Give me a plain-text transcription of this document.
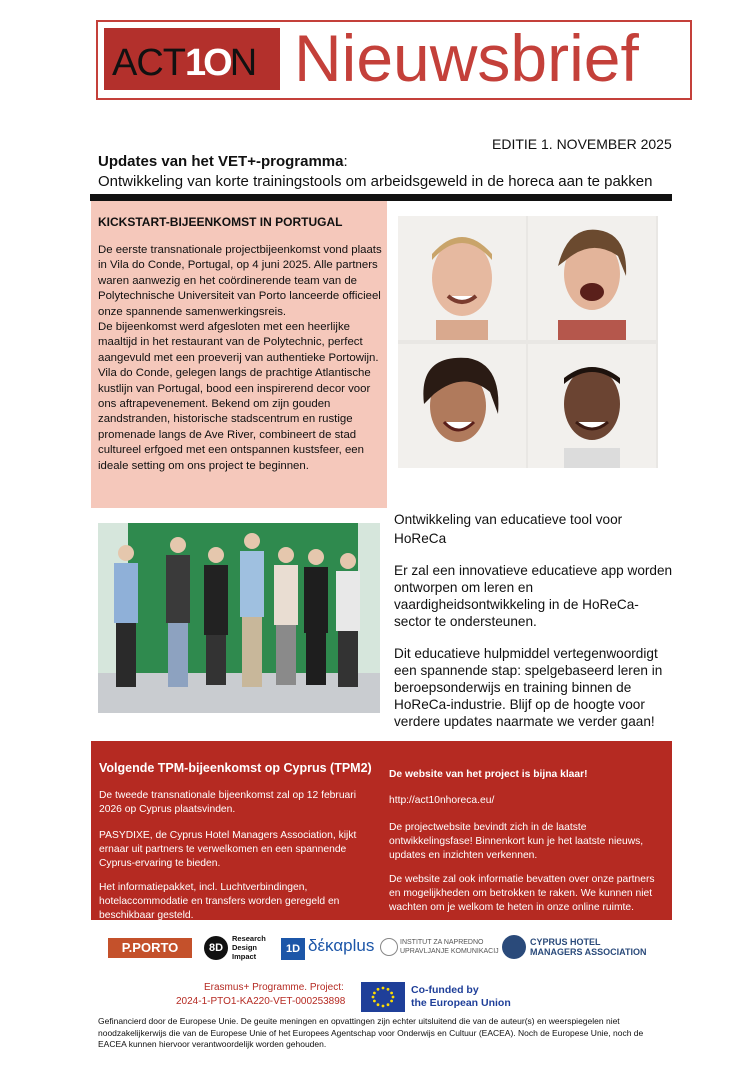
ACT1ON Nieuwsbrief
EDITIE 1. NOVEMBER 2025
Updates van het VET+-programma:
Ontwikkeling van korte trainingstools om arbeidsgeweld in de horeca aan te pakken
KICKSTART-BIJEENKOMST IN PORTUGAL

De eerste transnationale projectbijeenkomst vond plaats in Vila do Conde, Portugal, op 4 juni 2025. Alle partners waren aanwezig en het coördinerende team van de Polytechnische Universiteit van Porto lanceerde officieel onze spannende samenwerkingsreis.

De bijeenkomst werd afgesloten met een heerlijke maaltijd in het restaurant van de Polytechnic, perfect aangevuld met een proeverij van authentieke Portowijn.

Vila do Conde, gelegen langs de prachtige Atlantische kustlijn van Portugal, bood een inspirerend decor voor ons aftrapevenement. Bekend om zijn gouden zandstranden, historische stadscentrum en rustige promenade langs de Ave River, combineert de stad cultureel erfgoed met een ontspannen kustsfeer, een ideale setting om ons project te beginnen.

Ontwikkeling van educatieve tool voor HoReCa
Er zal een innovatieve educatieve app worden ontworpen om leren en vaardigheidsontwikkeling in de HoReCa-sector te ondersteunen.
Dit educatieve hulpmiddel vertegenwoordigt een spannende stap: spelgebaseerd leren in beroepsonderwijs en training binnen de HoReCa-industrie. Blijf op de hoogte voor verdere updates naarmate we verder gaan!
Volgende TPM-bijeenkomst op Cyprus (TPM2)
De tweede transnationale bijeenkomst zal op 12 februari 2026 op Cyprus plaatsvinden.
PASYDIXE, de Cyprus Hotel Managers Association, kijkt ernaar uit partners te verwelkomen en een spannende Cyprus-ervaring te bieden.
Het informatiepakket, incl. Luchtverbindingen, hotelaccommodatie en transfers worden geregeld en beschikbaar gesteld.
De website van het project is bijna klaar!
http://act10nhoreca.eu/
De projectwebsite bevindt zich in de laatste ontwikkelingsfase! Binnenkort kun je het laatste nieuws, updates en inzichten verkennen.
De website zal ook informatie bevatten over onze partners en mogelijkheden om betrokken te raken. We kunnen niet wachten om je welkom te heten in onze online ruimte.
P.PORTO	8D
Research Design Impact
1D δέκαplus	INSTITUT ZA NAPREDNO UPRAVLJANJE KOMUNIKACIJ
CYPRUS HOTEL MANAGERS ASSOCIATION
Erasmus+ Programme. Project:
2024-1-PTO1-KA220-VET-000253898
Co-funded by
the European Union
Gefinancierd door de Europese Unie. De geuite meningen en opvattingen zijn echter uitsluitend die van de auteur(s) en weerspiegelen niet noodzakelijkerwijs die van de Europese Unie of het Europees Agentschap voor Onderwijs en Cultuur (EACEA). Noch de Europese Unie, noch de EACEA kunnen hiervoor verantwoordelijk worden gehouden.
